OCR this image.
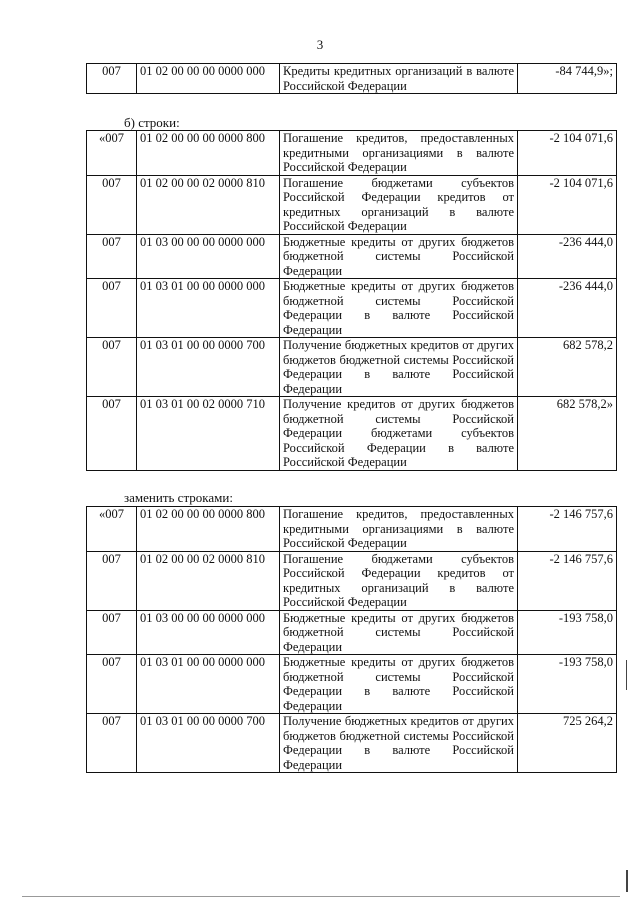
3
007	01 02 00 00 00 0000 000	Кредиты кредитных организаций в валюте Российской Федерации	-84 744,9»;
б) строки:
«007	01 02 00 00 00 0000 800	Погашение кредитов, предоставленных кредитными организациями в валюте Российской Федерации	-2 104 071,6
007	01 02 00 00 02 0000 810	Погашение бюджетами субъектов Российской Федерации кредитов от кредитных организаций в валюте Российской Федерации	-2 104 071,6
007	01 03 00 00 00 0000 000	Бюджетные кредиты от других бюджетов бюджетной системы Российской Федерации	-236 444,0
007	01 03 01 00 00 0000 000	Бюджетные кредиты от других бюджетов бюджетной системы Российской Федерации в валюте Российской Федерации	-236 444,0
007	01 03 01 00 00 0000 700	Получение бюджетных кредитов от других бюджетов бюджетной системы Российской Федерации в валюте Российской Федерации	682 578,2
007	01 03 01 00 02 0000 710	Получение кредитов от других бюджетов бюджетной системы Российской Федерации бюджетами субъектов Российской Федерации в валюте Российской Федерации	682 578,2»
заменить строками:
«007	01 02 00 00 00 0000 800	Погашение кредитов, предоставленных кредитными организациями в валюте Российской Федерации	-2 146 757,6
007	01 02 00 00 02 0000 810	Погашение бюджетами субъектов Российской Федерации кредитов от кредитных организаций в валюте Российской Федерации	-2 146 757,6
007	01 03 00 00 00 0000 000	Бюджетные кредиты от других бюджетов бюджетной системы Российской Федерации	-193 758,0
007	01 03 01 00 00 0000 000	Бюджетные кредиты от других бюджетов бюджетной системы Российской Федерации в валюте Российской Федерации	-193 758,0
007	01 03 01 00 00 0000 700	Получение бюджетных кредитов от других бюджетов бюджетной системы Российской Федерации в валюте Российской Федерации	725 264,2
